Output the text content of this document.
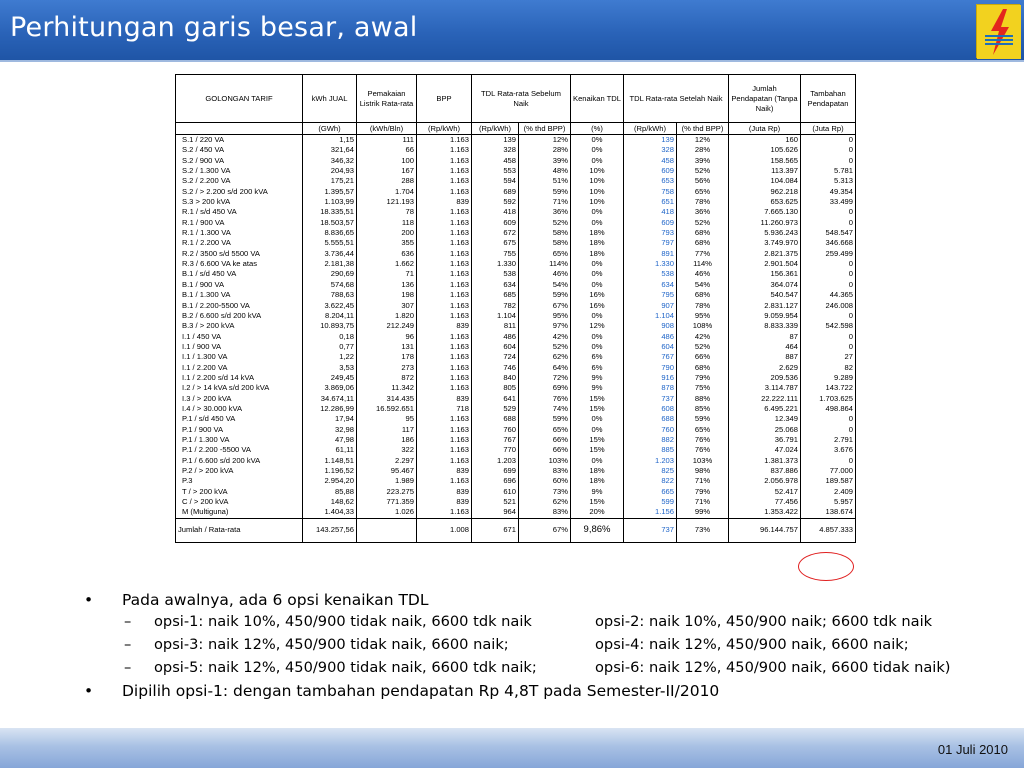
Perhitungan garis besar, awal
GOLONGAN TARIF	kWh JUAL	Pemakaian Listrik Rata-rata	BPP	TDL Rata-rata Sebelum Naik		Kenaikan TDL	TDL Rata-rata Setelah Naik		Jumlah Pendapatan (Tanpa Naik)	Tambahan Pendapatan
	(GWh)	(kWh/Bln)	(Rp/kWh)	(Rp/kWh)	(% thd BPP)	(%)	(Rp/kWh)	(% thd BPP)	(Juta Rp)	(Juta Rp)

S.1 / 220 VA	1,15	111	1.163	139	12%	0%	139	12%	160	0
S.2 / 450 VA	321,64	66	1.163	328	28%	0%	328	28%	105.626	0
S.2 / 900 VA	346,32	100	1.163	458	39%	0%	458	39%	158.565	0
S.2 / 1.300 VA	204,93	167	1.163	553	48%	10%	609	52%	113.397	5.781
S.2 / 2.200 VA	175,21	288	1.163	594	51%	10%	653	56%	104.084	5.313
S.2 / > 2.200 s/d 200 kVA	1.395,57	1.704	1.163	689	59%	10%	758	65%	962.218	49.354
S.3 > 200 kVA	1.103,99	121.193	839	592	71%	10%	651	78%	653.625	33.499
R.1 / s/d 450 VA	18.335,51	78	1.163	418	36%	0%	418	36%	7.665.130	0
R.1 / 900 VA	18.503,57	118	1.163	609	52%	0%	609	52%	11.260.973	0
R.1 / 1.300 VA	8.836,65	200	1.163	672	58%	18%	793	68%	5.936.243	548.547
R.1 / 2.200 VA	5.555,51	355	1.163	675	58%	18%	797	68%	3.749.970	346.668
R.2 / 3500 s/d 5500 VA	3.736,44	636	1.163	755	65%	18%	891	77%	2.821.375	259.499
R.3 / 6.600 VA ke atas	2.181,38	1.662	1.163	1.330	114%	0%	1.330	114%	2.901.504	0
B.1 / s/d 450 VA	290,69	71	1.163	538	46%	0%	538	46%	156.361	0
B.1 / 900 VA	574,68	136	1.163	634	54%	0%	634	54%	364.074	0
B.1 / 1.300 VA	788,63	198	1.163	685	59%	16%	795	68%	540.547	44.365
B.1 / 2.200-5500 VA	3.622,45	307	1.163	782	67%	16%	907	78%	2.831.127	246.008
B.2 / 6.600 s/d 200 kVA	8.204,11	1.820	1.163	1.104	95%	0%	1.104	95%	9.059.954	0
B.3 / > 200 kVA	10.893,75	212.249	839	811	97%	12%	908	108%	8.833.339	542.598
I.1 / 450 VA	0,18	96	1.163	486	42%	0%	486	42%	87	0
I.1 / 900 VA	0,77	131	1.163	604	52%	0%	604	52%	464	0
I.1 / 1.300 VA	1,22	178	1.163	724	62%	6%	767	66%	887	27
I.1 / 2.200 VA	3,53	273	1.163	746	64%	6%	790	68%	2.629	82
I.1 / 2.200 s/d 14 kVA	249,45	872	1.163	840	72%	9%	916	79%	209.536	9.289
I.2 / > 14 kVA s/d 200 kVA	3.869,06	11.342	1.163	805	69%	9%	878	75%	3.114.787	143.722
I.3 / > 200 kVA	34.674,11	314.435	839	641	76%	15%	737	88%	22.222.111	1.703.625
I.4 / > 30.000 kVA	12.286,99	16.592.651	718	529	74%	15%	608	85%	6.495.221	498.864
P.1 / s/d 450 VA	17,94	95	1.163	688	59%	0%	688	59%	12.349	0
P.1 / 900 VA	32,98	117	1.163	760	65%	0%	760	65%	25.068	0
P.1 / 1.300 VA	47,98	186	1.163	767	66%	15%	882	76%	36.791	2.791
P.1 / 2.200 -5500 VA	61,11	322	1.163	770	66%	15%	885	76%	47.024	3.676
P.1 / 6.600 s/d 200 kVA	1.148,51	2.297	1.163	1.203	103%	0%	1.203	103%	1.381.373	0
P.2 / > 200 kVA	1.196,52	95.467	839	699	83%	18%	825	98%	837.886	77.000
P.3	2.954,20	1.989	1.163	696	60%	18%	822	71%	2.056.978	189.587
T / > 200 kVA	85,88	223.275	839	610	73%	9%	665	79%	52.417	2.409
C / > 200 kVA	148,62	771.359	839	521	62%	15%	599	71%	77.456	5.957
M (Multiguna)	1.404,33	1.026	1.163	964	83%	20%	1.156	99%	1.353.422	138.674
Jumlah / Rata-rata	143.257,56		1.008	671	67%	9,86%	737	73%	96.144.757	4.857.333
• Pada awalnya, ada 6 opsi kenaikan TDL
– opsi-1: naik 10%, 450/900 tidak naik, 6600 tdk naik	opsi-2: naik 10%, 450/900 naik; 6600 tdk naik
– opsi-3: naik 12%, 450/900 tidak naik, 6600 naik;	opsi-4: naik 12%, 450/900 naik, 6600 naik;
– opsi-5: naik 12%, 450/900 tidak naik, 6600 tdk naik;	opsi-6: naik 12%, 450/900 naik, 6600 tidak naik)
• Dipilih opsi-1: dengan tambahan pendapatan Rp 4,8T pada Semester-II/2010
01 Juli 2010
